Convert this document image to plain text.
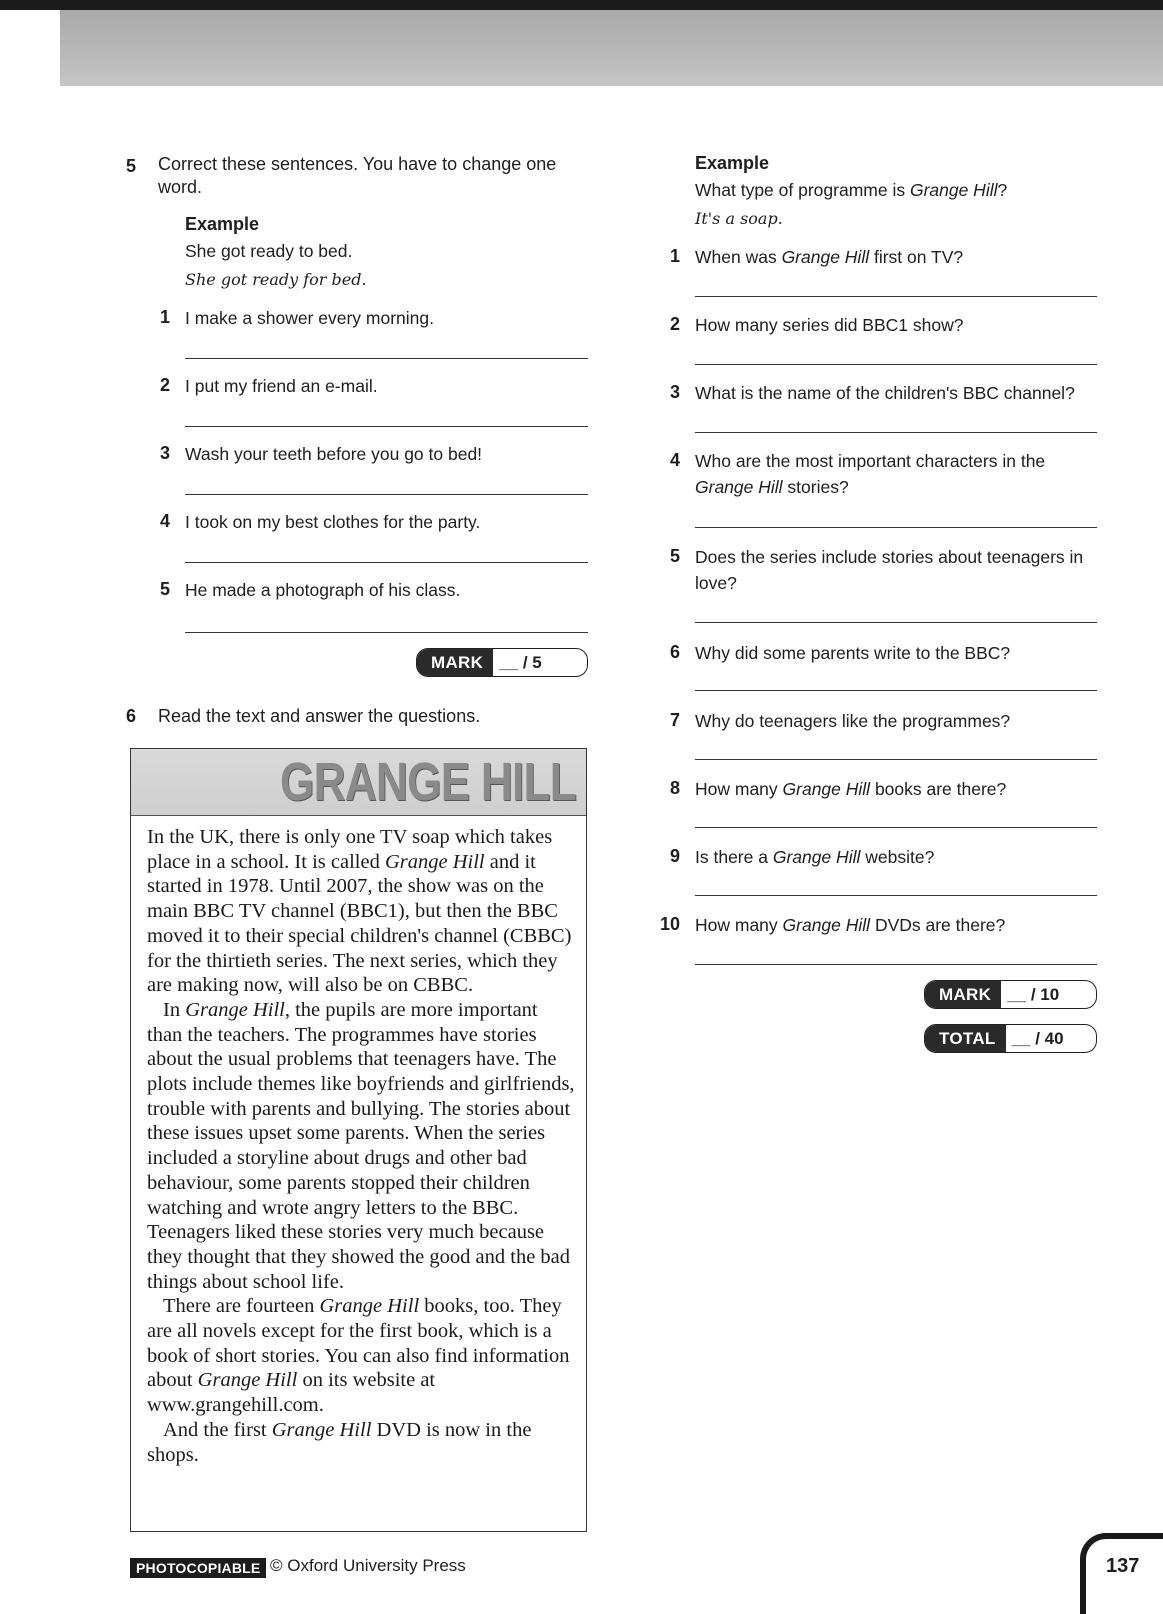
5	Correct these sentences. You have to change one word.
Example
She got ready to bed.
She got ready for bed.
1 I make a shower every morning.
2 I put my friend an e-mail.
3 Wash your teeth before you go to bed!
4 I took on my best clothes for the party.
5 He made a photograph of his class.
MARK __ / 5
6	Read the text and answer the questions.
GRANGE HILL

In the UK, there is only one TV soap which takes place in a school. It is called Grange Hill and it started in 1978. Until 2007, the show was on the main BBC TV channel (BBC1), but then the BBC moved it to their special children's channel (CBBC) for the thirtieth series. The next series, which they are making now, will also be on CBBC.

In Grange Hill, the pupils are more important than the teachers. The programmes have stories about the usual problems that teenagers have. The plots include themes like boyfriends and girlfriends, trouble with parents and bullying. The stories about these issues upset some parents. When the series included a storyline about drugs and other bad behaviour, some parents stopped their children watching and wrote angry letters to the BBC. Teenagers liked these stories very much because they thought that they showed the good and the bad things about school life.

There are fourteen Grange Hill books, too. They are all novels except for the first book, which is a book of short stories. You can also find information about Grange Hill on its website at www.grangehill.com.

And the first Grange Hill DVD is now in the shops.

Example
What type of programme is Grange Hill?
It's a soap.
1 When was Grange Hill first on TV?
2 How many series did BBC1 show?
3 What is the name of the children's BBC channel?
4 Who are the most important characters in the Grange Hill stories?
5 Does the series include stories about teenagers in love?
6 Why did some parents write to the BBC?
7 Why do teenagers like the programmes?
8 How many Grange Hill books are there?
9 Is there a Grange Hill website?
10 How many Grange Hill DVDs are there?
MARK __ / 10
TOTAL __ / 40
PHOTOCOPIABLE © Oxford University Press	137
